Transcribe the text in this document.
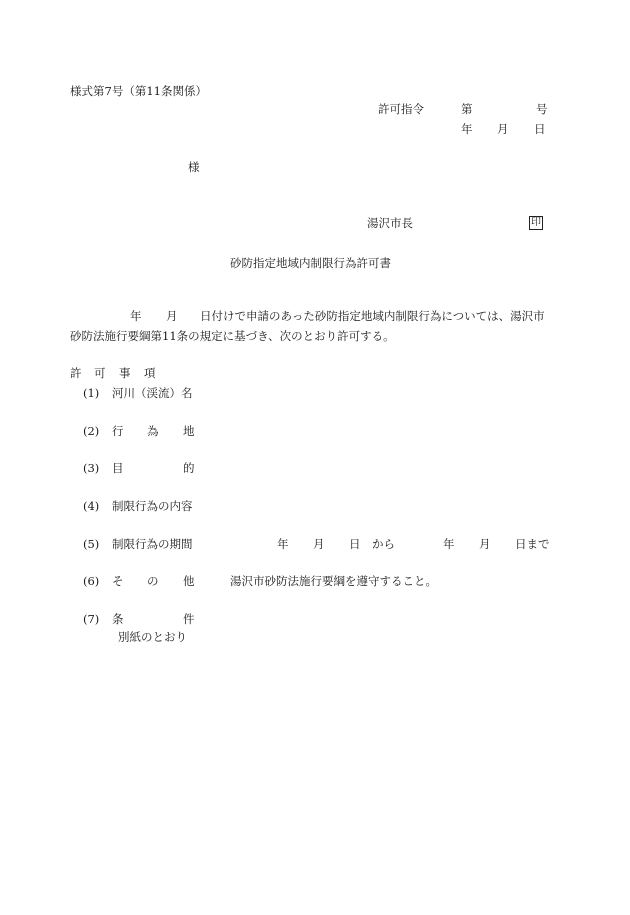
様式第7号（第11条関係）
許可指令	第	号
年 月 日
様
湯沢市長	印
砂防指定地域内制限行為許可書
年 月 日付けで申請のあった砂防指定地域内制限行為については、湯沢市
砂防法施行要綱第11条の規定に基づき、次のとおり許可する。
許 可 事 項
(1) 河川（渓流）名
(2) 行 為 地
(3) 目	的
(4) 制限行為の内容
(5) 制限行為の期間	年 月 日　から	年 月 日まで
(6) そ の 他	湯沢市砂防法施行要綱を遵守すること。
(7) 条	件
別紙のとおり
